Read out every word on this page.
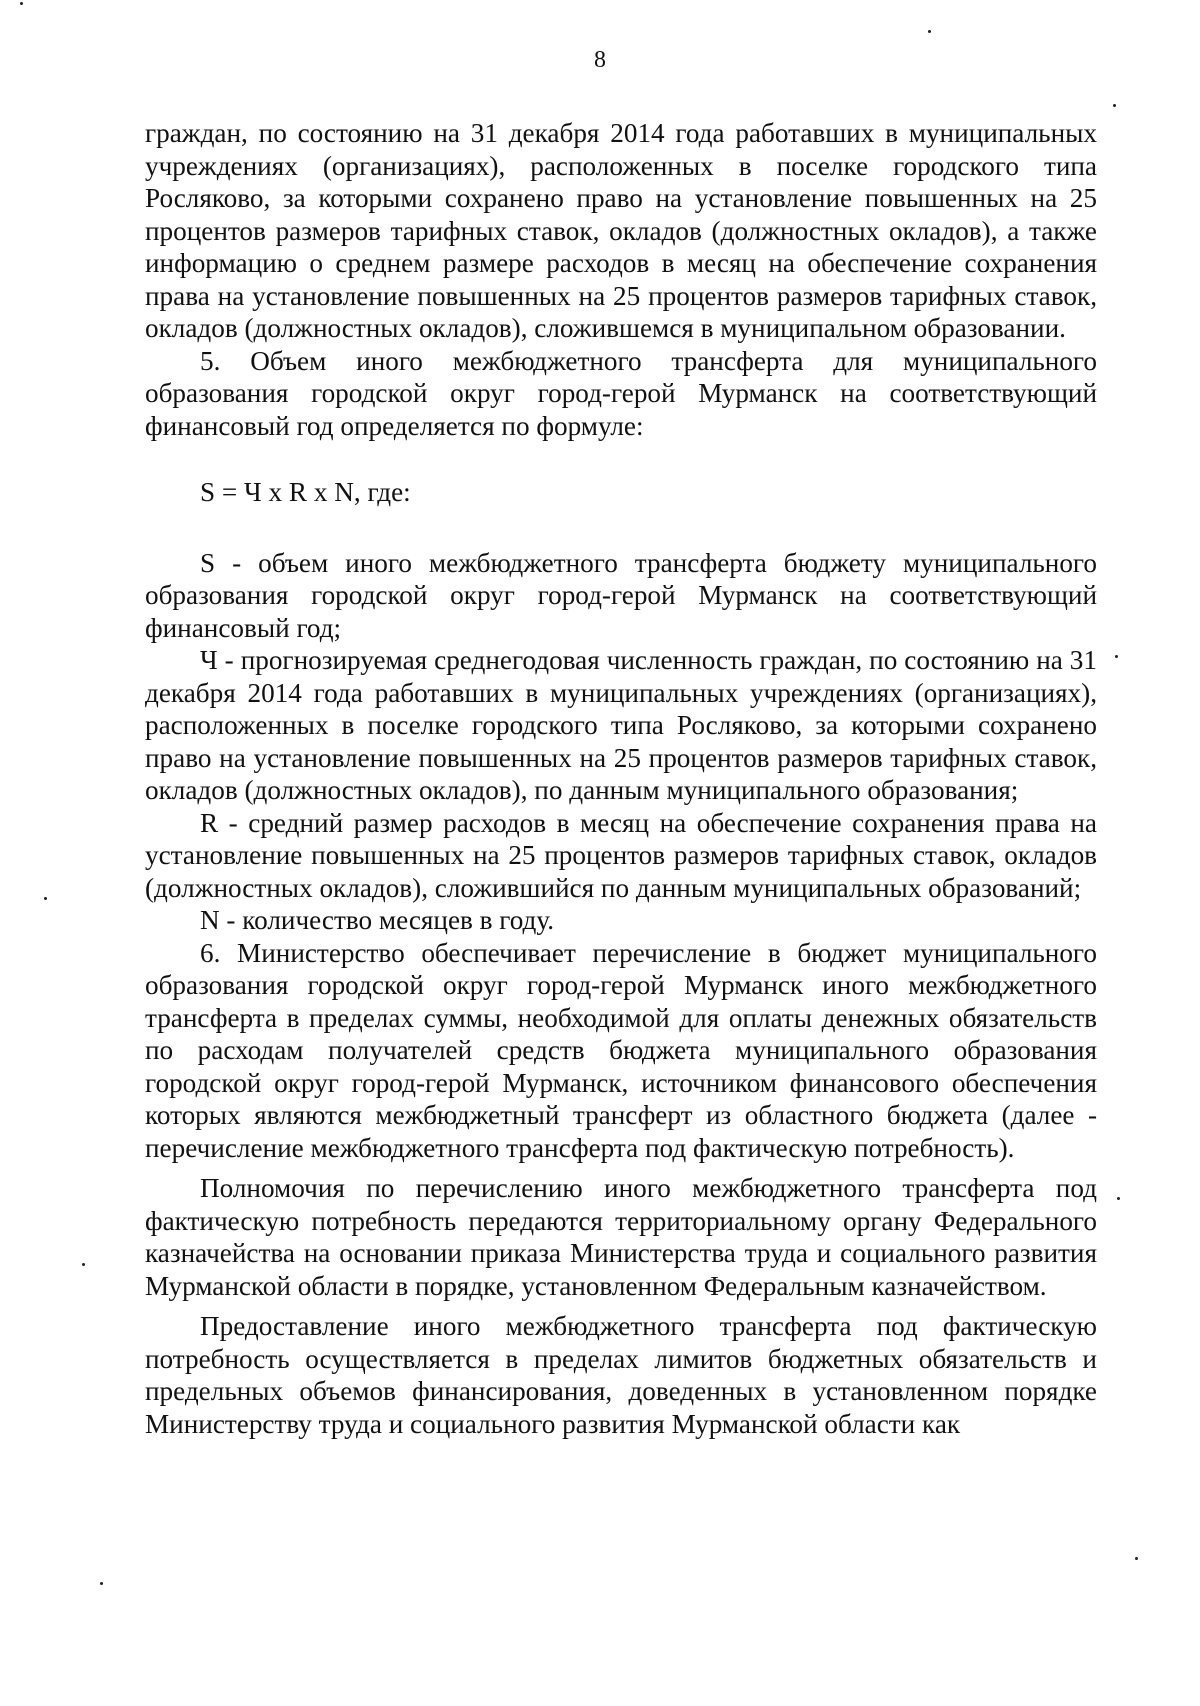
8

граждан, по состоянию на 31 декабря 2014 года работавших в муниципальных учреждениях (организациях), расположенных в поселке городского типа Росляково, за которыми сохранено право на установление повышенных на 25 процентов размеров тарифных ставок, окладов (должностных окладов), а также информацию о среднем размере расходов в месяц на обеспечение сохранения права на установление повышенных на 25 процентов размеров тарифных ставок, окладов (должностных окладов), сложившемся в муниципальном образовании.

5. Объем иного межбюджетного трансферта для муниципального образования городской округ город-герой Мурманск на соответствующий финансовый год определяется по формуле:

S = Ч x R x N, где:

S - объем иного межбюджетного трансферта бюджету муниципального образования городской округ город-герой Мурманск на соответствующий финансовый год;

Ч - прогнозируемая среднегодовая численность граждан, по состоянию на 31 декабря 2014 года работавших в муниципальных учреждениях (организациях), расположенных в поселке городского типа Росляково, за которыми сохранено право на установление повышенных на 25 процентов размеров тарифных ставок, окладов (должностных окладов), по данным муниципального образования;

R - средний размер расходов в месяц на обеспечение сохранения права на установление повышенных на 25 процентов размеров тарифных ставок, окладов (должностных окладов), сложившийся по данным муниципальных образований;

N - количество месяцев в году.

6. Министерство обеспечивает перечисление в бюджет муниципального образования городской округ город-герой Мурманск иного межбюджетного трансферта в пределах суммы, необходимой для оплаты денежных обязательств по расходам получателей средств бюджета муниципального образования городской округ город-герой Мурманск, источником финансового обеспечения которых являются межбюджетный трансферт из областного бюджета (далее - перечисление межбюджетного трансферта под фактическую потребность).

Полномочия по перечислению иного межбюджетного трансферта под фактическую потребность передаются территориальному органу Федерального казначейства на основании приказа Министерства труда и социального развития Мурманской области в порядке, установленном Федеральным казначейством.

Предоставление иного межбюджетного трансферта под фактическую потребность осуществляется в пределах лимитов бюджетных обязательств и предельных объемов финансирования, доведенных в установленном порядке Министерству труда и социального развития Мурманской области как
